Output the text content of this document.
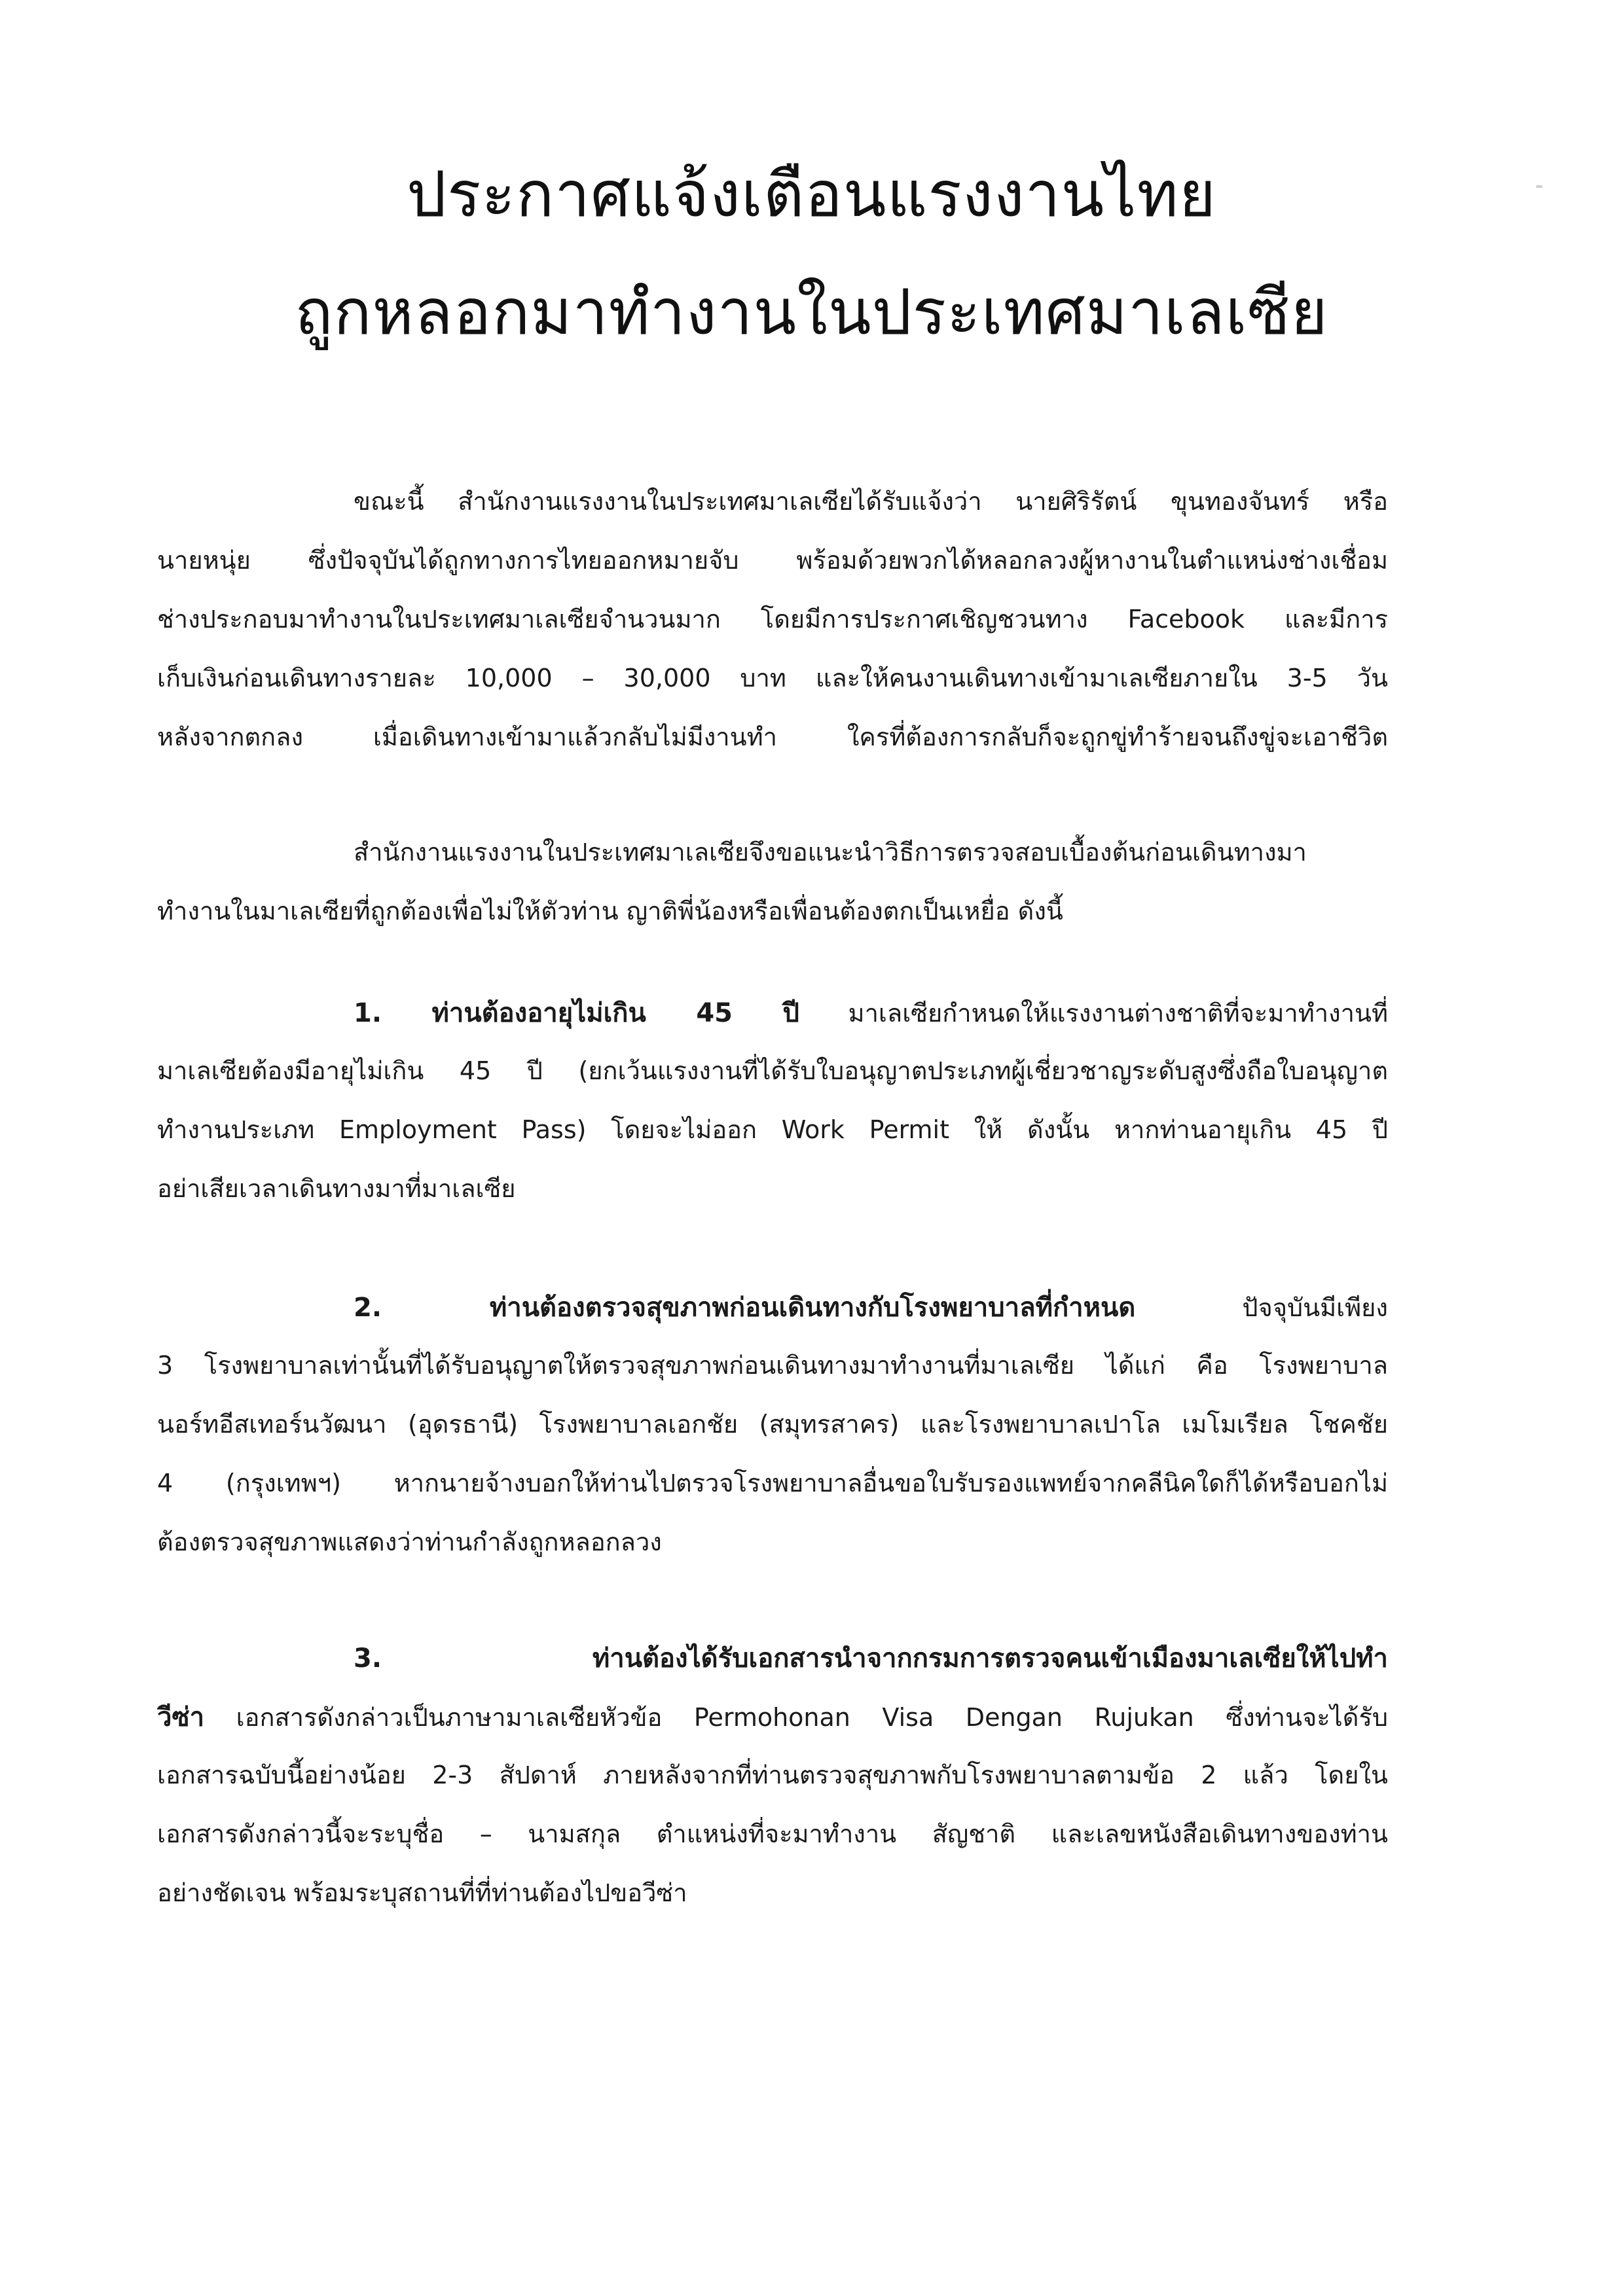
ประกาศแจ้งเตือนแรงงานไทย
ถูกหลอกมาทำงานในประเทศมาเลเซีย
ขณะนี้ สำนักงานแรงงานในประเทศมาเลเซียได้รับแจ้งว่า นายศิริรัตน์ ขุนทองจันทร์ หรือ
นายหนุ่ย ซึ่งปัจจุบันได้ถูกทางการไทยออกหมายจับ พร้อมด้วยพวกได้หลอกลวงผู้หางานในตำแหน่งช่างเชื่อม
ช่างประกอบมาทำงานในประเทศมาเลเซียจำนวนมาก โดยมีการประกาศเชิญชวนทาง Facebook และมีการ
เก็บเงินก่อนเดินทางรายละ 10,000 – 30,000 บาท และให้คนงานเดินทางเข้ามาเลเซียภายใน 3-5 วัน
หลังจากตกลง เมื่อเดินทางเข้ามาแล้วกลับไม่มีงานทำ ใครที่ต้องการกลับก็จะถูกขู่ทำร้ายจนถึงขู่จะเอาชีวิต
สำนักงานแรงงานในประเทศมาเลเซียจึงขอแนะนำวิธีการตรวจสอบเบื้องต้นก่อนเดินทางมา
ทำงานในมาเลเซียที่ถูกต้องเพื่อไม่ให้ตัวท่าน ญาติพี่น้องหรือเพื่อนต้องตกเป็นเหยื่อ ดังนี้
1. ท่านต้องอายุไม่เกิน 45 ปี มาเลเซียกำหนดให้แรงงานต่างชาติที่จะมาทำงานที่
มาเลเซียต้องมีอายุไม่เกิน 45 ปี (ยกเว้นแรงงานที่ได้รับใบอนุญาตประเภทผู้เชี่ยวชาญระดับสูงซึ่งถือใบอนุญาต
ทำงานประเภท Employment Pass) โดยจะไม่ออก Work Permit ให้ ดังนั้น หากท่านอายุเกิน 45 ปี
อย่าเสียเวลาเดินทางมาที่มาเลเซีย
2. ท่านต้องตรวจสุขภาพก่อนเดินทางกับโรงพยาบาลที่กำหนด ปัจจุบันมีเพียง
3 โรงพยาบาลเท่านั้นที่ได้รับอนุญาตให้ตรวจสุขภาพก่อนเดินทางมาทำงานที่มาเลเซีย ได้แก่ คือ โรงพยาบาล
นอร์ทอีสเทอร์นวัฒนา (อุดรธานี) โรงพยาบาลเอกชัย (สมุทรสาคร) และโรงพยาบาลเปาโล เมโมเรียล โชคชัย
4 (กรุงเทพฯ) หากนายจ้างบอกให้ท่านไปตรวจโรงพยาบาลอื่นขอใบรับรองแพทย์จากคลีนิคใดก็ได้หรือบอกไม่
ต้องตรวจสุขภาพแสดงว่าท่านกำลังถูกหลอกลวง
3. ท่านต้องได้รับเอกสารนำจากกรมการตรวจคนเข้าเมืองมาเลเซียให้ไปทำ
วีซ่า เอกสารดังกล่าวเป็นภาษามาเลเซียหัวข้อ Permohonan Visa Dengan Rujukan ซึ่งท่านจะได้รับ
เอกสารฉบับนี้อย่างน้อย 2-3 สัปดาห์ ภายหลังจากที่ท่านตรวจสุขภาพกับโรงพยาบาลตามข้อ 2 แล้ว โดยใน
เอกสารดังกล่าวนี้จะระบุชื่อ – นามสกุล ตำแหน่งที่จะมาทำงาน สัญชาติ และเลขหนังสือเดินทางของท่าน
อย่างชัดเจน พร้อมระบุสถานที่ที่ท่านต้องไปขอวีซ่า
